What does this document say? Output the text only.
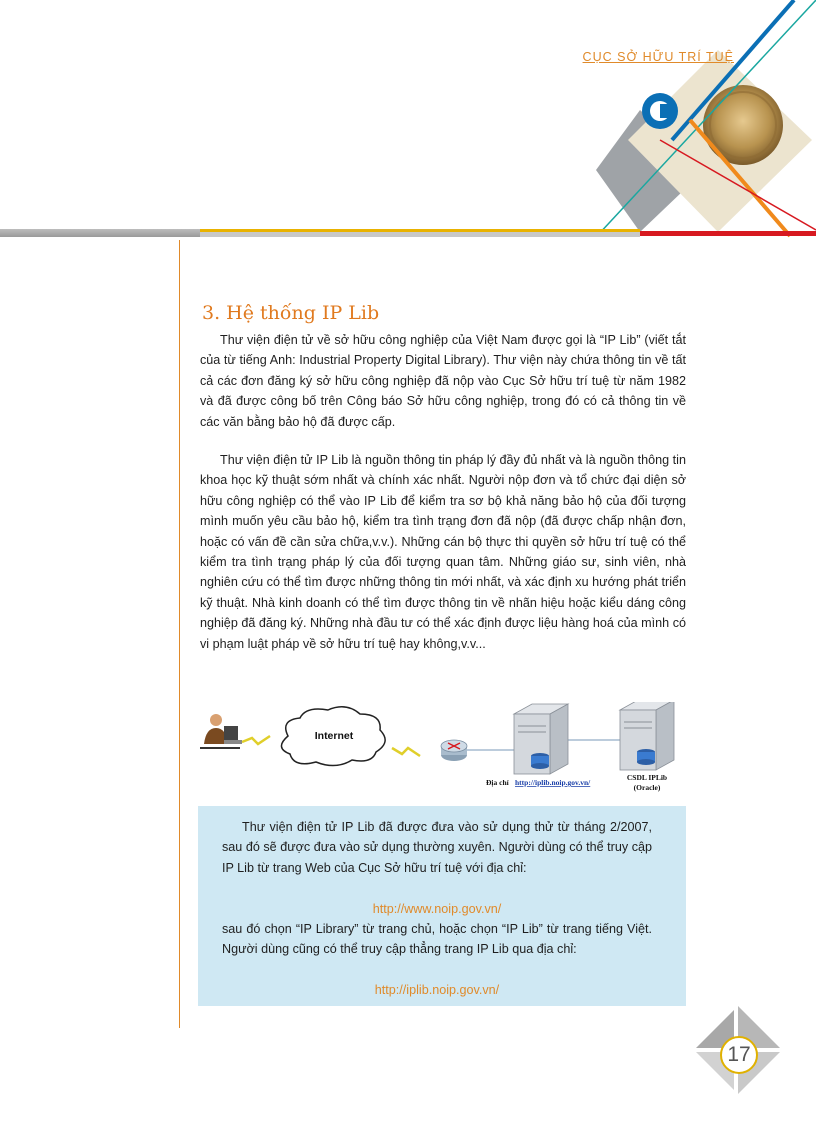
CỤC SỞ HỮU TRÍ TUỆ
3. Hệ thống IP Lib

Thư viện điện tử về sở hữu công nghiệp của Việt Nam được gọi là “IP Lib” (viết tắt của từ tiếng Anh: Industrial Property Digital Library). Thư viện này chứa thông tin về tất cả các đơn đăng ký sở hữu công nghiệp đã nộp vào Cục Sở hữu trí tuệ từ năm 1982 và đã được công bố trên Công báo Sở hữu công nghiệp, trong đó có cả thông tin về các văn bằng bảo hộ đã được cấp.

Thư viện điện tử IP Lib là nguồn thông tin pháp lý đầy đủ nhất và là nguồn thông tin khoa học kỹ thuật sớm nhất và chính xác nhất. Người nộp đơn và tổ chức đại diện sở hữu công nghiệp có thể vào IP Lib để kiểm tra sơ bộ khả năng bảo hộ của đối tượng mình muốn yêu cầu bảo hộ, kiểm tra tình trạng đơn đã nộp (đã được chấp nhận đơn, hoặc có vấn đề cần sửa chữa,v.v.). Những cán bộ thực thi quyền sở hữu trí tuệ có thể kiểm tra tình trạng pháp lý của đối tượng quan tâm. Những giáo sư, sinh viên, nhà nghiên cứu có thể tìm được những thông tin mới nhất, và xác định xu hướng phát triển kỹ thuật. Nhà kinh doanh có thể tìm được thông tin về nhãn hiệu hoặc kiểu dáng công nghiệp đã đăng ký. Những nhà đầu tư có thể xác định được liệu hàng hoá của mình có vi phạm luật pháp về sở hữu trí tuệ hay không,v.v...

Internet
Địa chỉ http://iplib.noip.gov.vn/
CSDL IPLib
(Oracle)
Thư viện điện tử IP Lib đã được đưa vào sử dụng thử từ tháng 2/2007, sau đó sẽ được đưa vào sử dụng thường xuyên. Người dùng có thể truy cập IP Lib từ trang Web của Cục Sở hữu trí tuệ với địa chỉ:
http://www.noip.gov.vn/
sau đó chọn “IP Library” từ trang chủ, hoặc chọn “IP Lib” từ trang tiếng Việt. Người dùng cũng có thể truy cập thẳng trang IP Lib qua địa chỉ:
http://iplib.noip.gov.vn/
17
